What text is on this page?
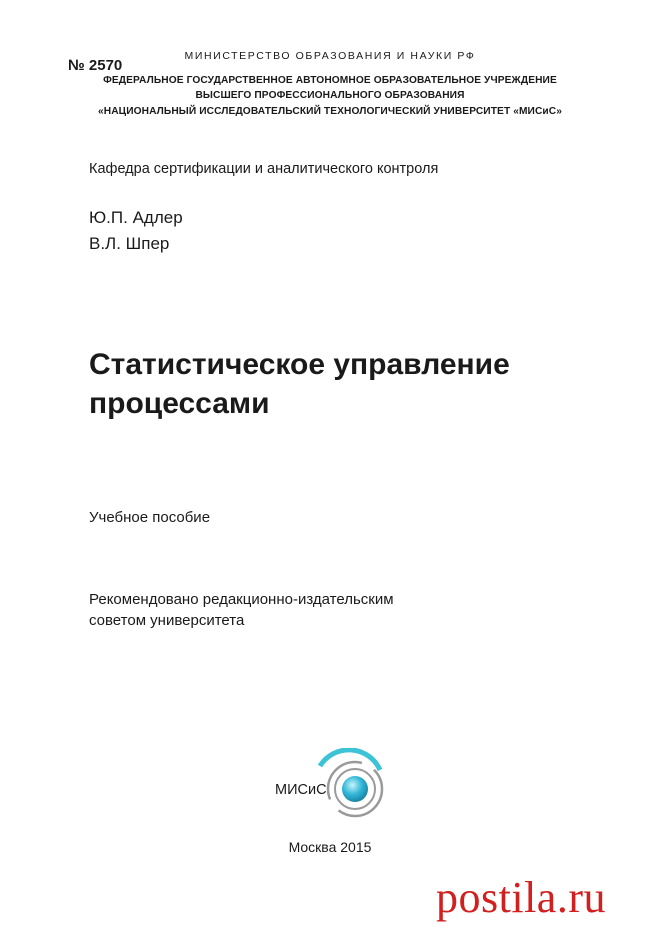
№ 2570
МИНИСТЕРСТВО ОБРАЗОВАНИЯ И НАУКИ РФ
ФЕДЕРАЛЬНОЕ ГОСУДАРСТВЕННОЕ АВТОНОМНОЕ ОБРАЗОВАТЕЛЬНОЕ УЧРЕЖДЕНИЕ
ВЫСШЕГО ПРОФЕССИОНАЛЬНОГО ОБРАЗОВАНИЯ
«НАЦИОНАЛЬНЫЙ ИССЛЕДОВАТЕЛЬСКИЙ ТЕХНОЛОГИЧЕСКИЙ УНИВЕРСИТЕТ «МИСиС»
Кафедра сертификации и аналитического контроля
Ю.П. Адлер
В.Л. Шпер
Статистическое управление процессами
Учебное пособие
Рекомендовано редакционно-издательским
советом университета
МИСиС
Москва 2015
postila.ru
